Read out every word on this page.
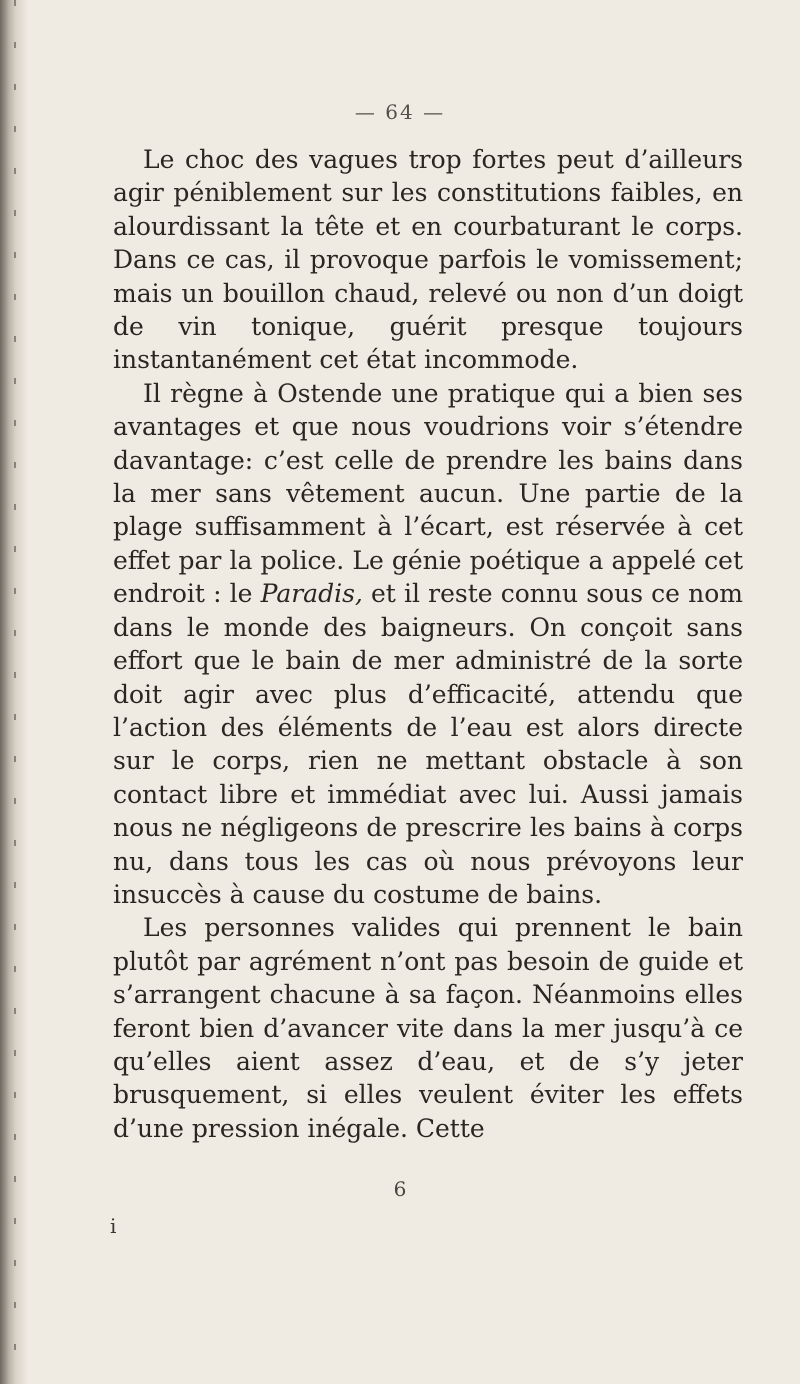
— 64 —

Le choc des vagues trop fortes peut d’ailleurs agir péniblement sur les constitutions faibles, en alourdissant la tête et en courbaturant le corps. Dans ce cas, il provoque parfois le vomissement; mais un bouillon chaud, relevé ou non d’un doigt de vin tonique, guérit presque toujours instantanément cet état incommode.

Il règne à Ostende une pratique qui a bien ses avantages et que nous voudrions voir s’étendre davantage: c’est celle de prendre les bains dans la mer sans vêtement aucun. Une partie de la plage suffisamment à l’écart, est réservée à cet effet par la police. Le génie poétique a appelé cet endroit : le Paradis, et il reste connu sous ce nom dans le monde des baigneurs. On conçoit sans effort que le bain de mer administré de la sorte doit agir avec plus d’efficacité, attendu que l’action des éléments de l’eau est alors directe sur le corps, rien ne mettant obstacle à son contact libre et immédiat avec lui. Aussi jamais nous ne négligeons de prescrire les bains à corps nu, dans tous les cas où nous prévoyons leur insuccès à cause du costume de bains.

Les personnes valides qui prennent le bain plutôt par agrément n’ont pas besoin de guide et s’arrangent chacune à sa façon. Néanmoins elles feront bien d’avancer vite dans la mer jusqu’à ce qu’elles aient assez d’eau, et de s’y jeter brusquement, si elles veulent éviter les effets d’une pression inégale. Cette

6
i
